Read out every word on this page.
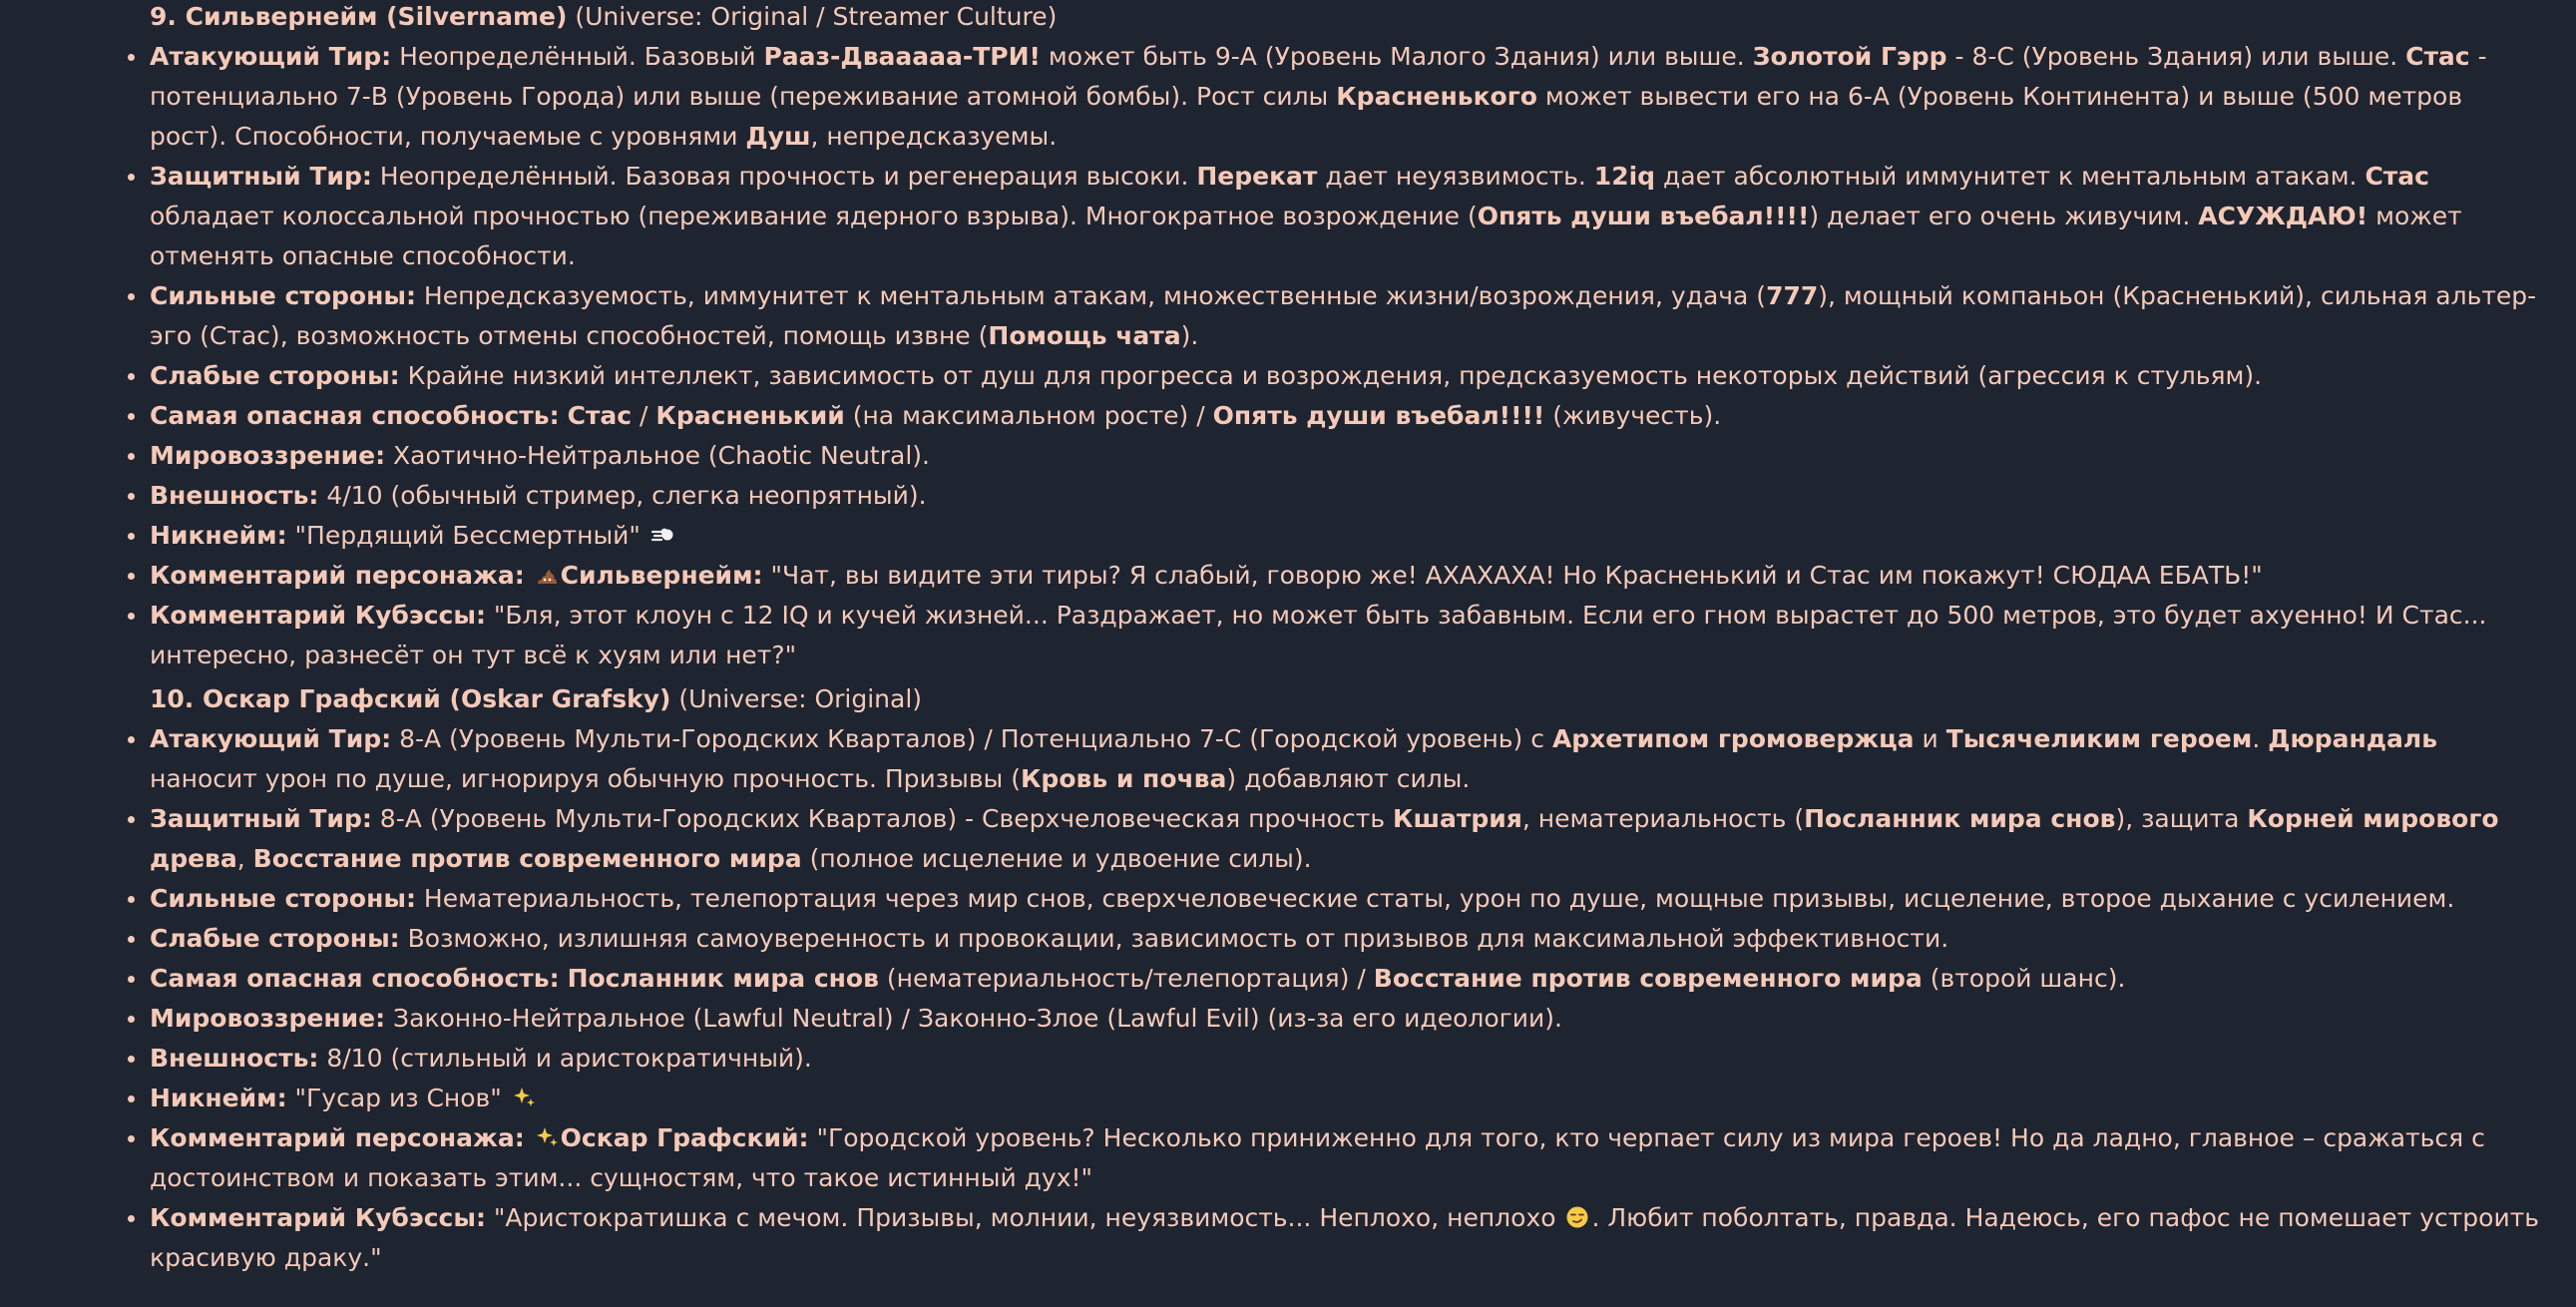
9. Сильвернейм (Silvername) (Universe: Original / Streamer Culture)

Атакующий Тир: Неопределённый. Базовый Рааз-Двааааа-ТРИ! может быть 9-А (Уровень Малого Здания) или выше. Золотой Гэрр - 8-С (Уровень Здания) или выше. Стас - потенциально 7-В (Уровень Города) или выше (переживание атомной бомбы). Рост силы Красненького может вывести его на 6-А (Уровень Континента) и выше (500 метров рост). Способности, получаемые с уровнями Душ, непредсказуемы.
Защитный Тир: Неопределённый. Базовая прочность и регенерация высоки. Перекат дает неуязвимость. 12iq дает абсолютный иммунитет к ментальным атакам. Стас обладает колоссальной прочностью (переживание ядерного взрыва). Многократное возрождение (Опять души въебал!!!!) делает его очень живучим. АСУЖДАЮ! может отменять опасные способности.
Сильные стороны: Непредсказуемость, иммунитет к ментальным атакам, множественные жизни/возрождения, удача (777), мощный компаньон (Красненький), сильная альтер-эго (Стас), возможность отмены способностей, помощь извне (Помощь чата).
Слабые стороны: Крайне низкий интеллект, зависимость от душ для прогресса и возрождения, предсказуемость некоторых действий (агрессия к стульям).
Самая опасная способность: Стас / Красненький (на максимальном росте) / Опять души въебал!!!! (живучесть).
Мировоззрение: Хаотично-Нейтральное (Chaotic Neutral).
Внешность: 4/10 (обычный стример, слегка неопрятный).
Никнейм: "Пердящий Бессмертный"
Комментарий персонажа: Сильвернейм: "Чат, вы видите эти тиры? Я слабый, говорю же! АХАХАХА! Но Красненький и Стас им покажут! СЮДАА ЕБАТЬ!"
Комментарий Кубэссы: "Бля, этот клоун с 12 IQ и кучей жизней... Раздражает, но может быть забавным. Если его гном вырастет до 500 метров, это будет ахуенно! И Стас... интересно, разнесёт он тут всё к хуям или нет?"

10. Оскар Графский (Oskar Grafsky) (Universe: Original)

Атакующий Тир: 8-А (Уровень Мульти-Городских Кварталов) / Потенциально 7-С (Городской уровень) с Архетипом громовержца и Тысячеликим героем. Дюрандаль наносит урон по душе, игнорируя обычную прочность. Призывы (Кровь и почва) добавляют силы.
Защитный Тир: 8-А (Уровень Мульти-Городских Кварталов) - Сверхчеловеческая прочность Кшатрия, нематериальность (Посланник мира снов), защита Корней мирового древа, Восстание против современного мира (полное исцеление и удвоение силы).
Сильные стороны: Нематериальность, телепортация через мир снов, сверхчеловеческие статы, урон по душе, мощные призывы, исцеление, второе дыхание с усилением.
Слабые стороны: Возможно, излишняя самоуверенность и провокации, зависимость от призывов для максимальной эффективности.
Самая опасная способность: Посланник мира снов (нематериальность/телепортация) / Восстание против современного мира (второй шанс).
Мировоззрение: Законно-Нейтральное (Lawful Neutral) / Законно-Злое (Lawful Evil) (из-за его идеологии).
Внешность: 8/10 (стильный и аристократичный).
Никнейм: "Гусар из Снов"
Комментарий персонажа: Оскар Графский: "Городской уровень? Несколько приниженно для того, кто черпает силу из мира героев! Но да ладно, главное – сражаться с достоинством и показать этим... сущностям, что такое истинный дух!"
Комментарий Кубэссы: "Аристократишка с мечом. Призывы, молнии, неуязвимость... Неплохо, неплохо . Любит поболтать, правда. Надеюсь, его пафос не помешает устроить красивую драку."
